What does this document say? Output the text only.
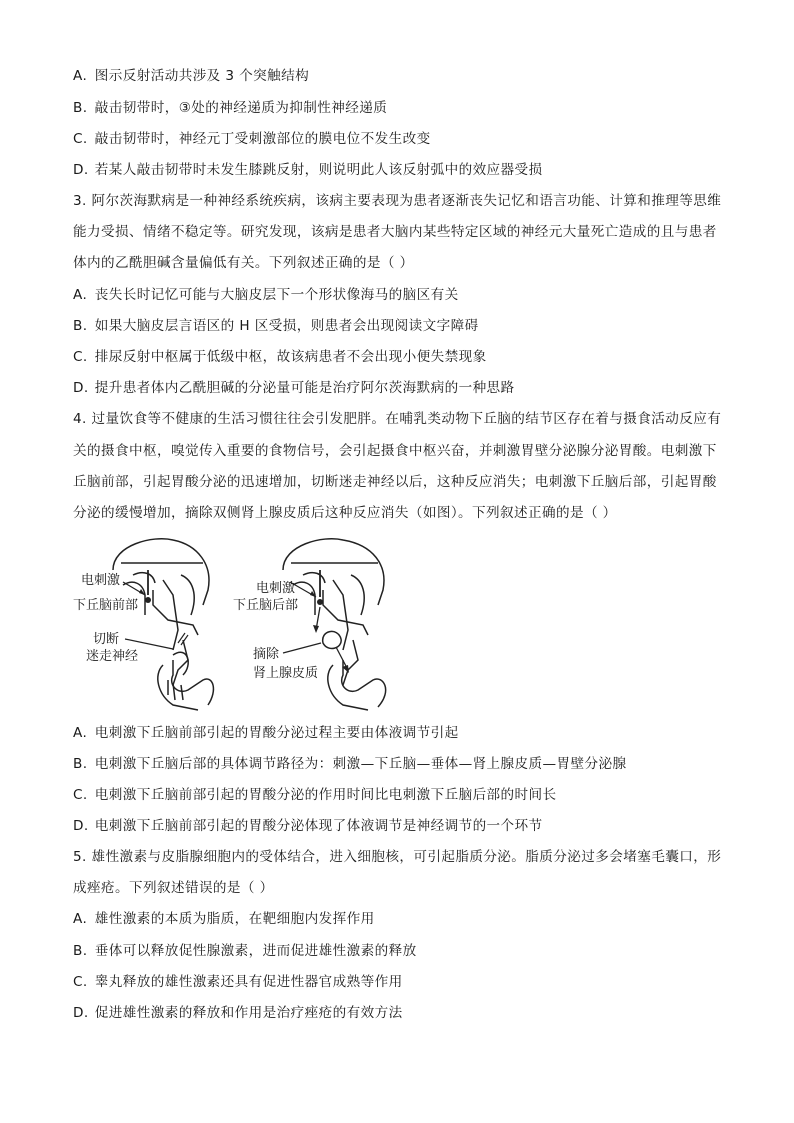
A. 图示反射活动共涉及 3 个突触结构
B. 敲击韧带时，③处的神经递质为抑制性神经递质
C. 敲击韧带时，神经元丁受刺激部位的膜电位不发生改变
D. 若某人敲击韧带时未发生膝跳反射，则说明此人该反射弧中的效应器受损
3. 阿尔茨海默病是一种神经系统疾病，该病主要表现为患者逐渐丧失记忆和语言功能、计算和推理等思维
能力受损、情绪不稳定等。研究发现，该病是患者大脑内某些特定区域的神经元大量死亡造成的且与患者
体内的乙酰胆碱含量偏低有关。下列叙述正确的是（ ）
A. 丧失长时记忆可能与大脑皮层下一个形状像海马的脑区有关
B. 如果大脑皮层言语区的 H 区受损，则患者会出现阅读文字障碍
C. 排尿反射中枢属于低级中枢，故该病患者不会出现小便失禁现象
D. 提升患者体内乙酰胆碱的分泌量可能是治疗阿尔茨海默病的一种思路
4. 过量饮食等不健康的生活习惯往往会引发肥胖。在哺乳类动物下丘脑的结节区存在着与摄食活动反应有
关的摄食中枢，嗅觉传入重要的食物信号，会引起摄食中枢兴奋，并刺激胃壁分泌腺分泌胃酸。电刺激下
丘脑前部，引起胃酸分泌的迅速增加，切断迷走神经以后，这种反应消失；电刺激下丘脑后部，引起胃酸
分泌的缓慢增加，摘除双侧肾上腺皮质后这种反应消失（如图）。下列叙述正确的是（ ）
电刺激
下丘脑前部
切断
迷走神经
电刺激
下丘脑后部
摘除
肾上腺皮质
A. 电刺激下丘脑前部引起的胃酸分泌过程主要由体液调节引起
B. 电刺激下丘脑后部的具体调节路径为：刺激—下丘脑—垂体—肾上腺皮质—胃壁分泌腺
C. 电刺激下丘脑前部引起的胃酸分泌的作用时间比电刺激下丘脑后部的时间长
D. 电刺激下丘脑前部引起的胃酸分泌体现了体液调节是神经调节的一个环节
5. 雄性激素与皮脂腺细胞内的受体结合，进入细胞核，可引起脂质分泌。脂质分泌过多会堵塞毛囊口，形
成痤疮。下列叙述错误的是（ ）
A. 雄性激素的本质为脂质，在靶细胞内发挥作用
B. 垂体可以释放促性腺激素，进而促进雄性激素的释放
C. 睾丸释放的雄性激素还具有促进性器官成熟等作用
D. 促进雄性激素的释放和作用是治疗痤疮的有效方法
